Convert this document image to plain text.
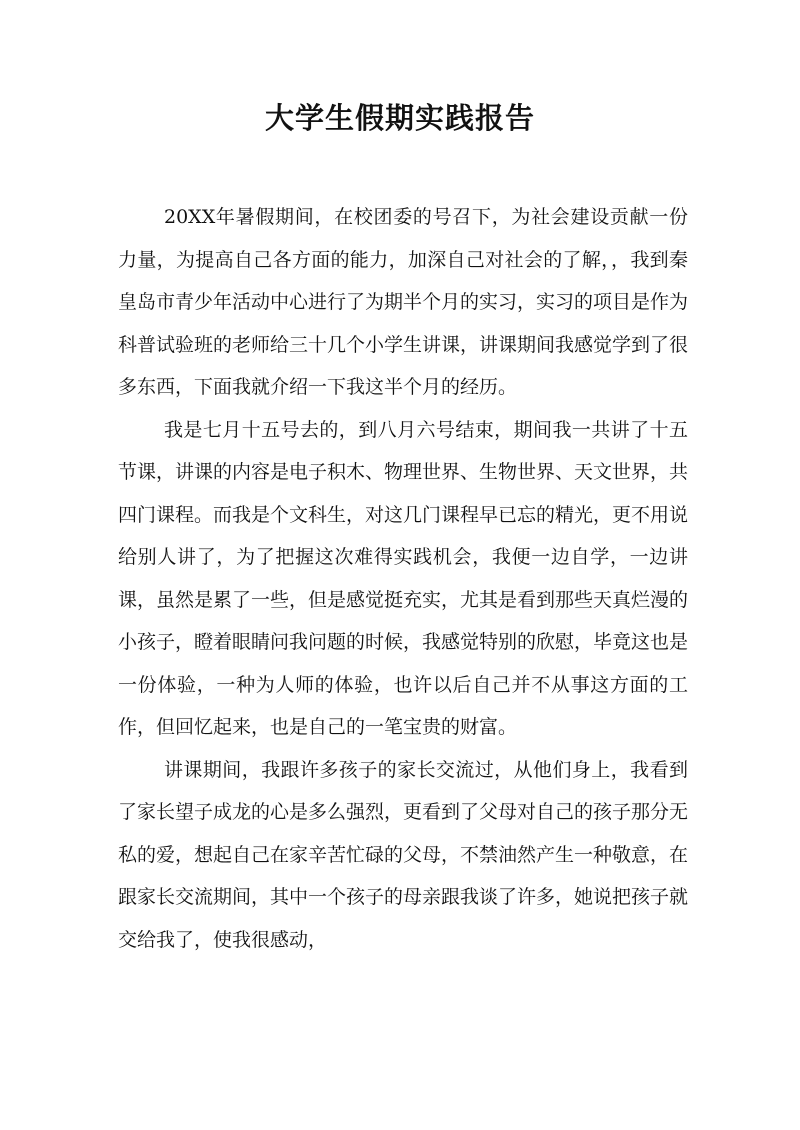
大学生假期实践报告

20XX年暑假期间，在校团委的号召下，为社会建设贡献一份力量，为提高自己各方面的能力，加深自己对社会的了解，，我到秦皇岛市青少年活动中心进行了为期半个月的实习，实习的项目是作为科普试验班的老师给三十几个小学生讲课，讲课期间我感觉学到了很多东西，下面我就介绍一下我这半个月的经历。

我是七月十五号去的，到八月六号结束，期间我一共讲了十五节课，讲课的内容是电子积木、物理世界、生物世界、天文世界，共四门课程。而我是个文科生，对这几门课程早已忘的精光，更不用说给别人讲了，为了把握这次难得实践机会，我便一边自学，一边讲课，虽然是累了一些，但是感觉挺充实，尤其是看到那些天真烂漫的小孩子，瞪着眼睛问我问题的时候，我感觉特别的欣慰，毕竟这也是一份体验，一种为人师的体验，也许以后自己并不从事这方面的工作，但回忆起来，也是自己的一笔宝贵的财富。

讲课期间，我跟许多孩子的家长交流过，从他们身上，我看到了家长望子成龙的心是多么强烈，更看到了父母对自己的孩子那分无私的爱，想起自己在家辛苦忙碌的父母，不禁油然产生一种敬意，在跟家长交流期间，其中一个孩子的母亲跟我谈了许多，她说把孩子就交给我了，使我很感动，
